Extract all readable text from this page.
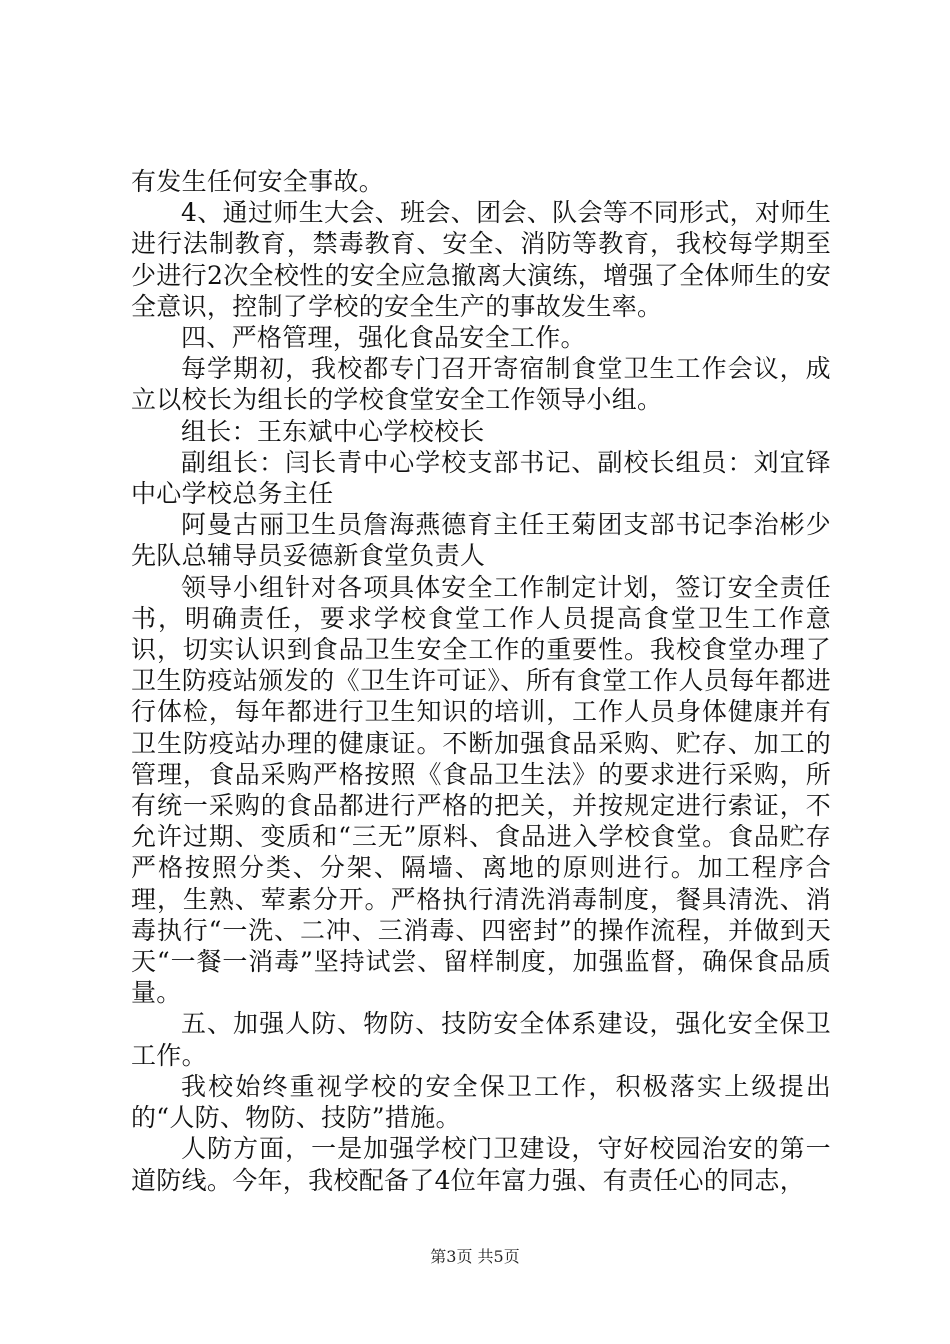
有发生任何安全事故。

4、通过师生大会、班会、团会、队会等不同形式，对师生进行法制教育，禁毒教育、安全、消防等教育，我校每学期至少进行2次全校性的安全应急撤离大演练，增强了全体师生的安全意识，控制了学校的安全生产的事故发生率。

四、严格管理，强化食品安全工作。

每学期初，我校都专门召开寄宿制食堂卫生工作会议，成立以校长为组长的学校食堂安全工作领导小组。

组长：王东斌中心学校校长

副组长：闫长青中心学校支部书记、副校长组员：刘宜铎中心学校总务主任

阿曼古丽卫生员詹海燕德育主任王菊团支部书记李治彬少先队总辅导员妥德新食堂负责人

领导小组针对各项具体安全工作制定计划，签订安全责任书，明确责任，要求学校食堂工作人员提高食堂卫生工作意识，切实认识到食品卫生安全工作的重要性。我校食堂办理了卫生防疫站颁发的《卫生许可证》、所有食堂工作人员每年都进行体检，每年都进行卫生知识的培训，工作人员身体健康并有卫生防疫站办理的健康证。不断加强食品采购、贮存、加工的管理，食品采购严格按照《食品卫生法》的要求进行采购，所有统一采购的食品都进行严格的把关，并按规定进行索证，不允许过期、变质和“三无”原料、食品进入学校食堂。食品贮存严格按照分类、分架、隔墙、离地的原则进行。加工程序合理，生熟、荤素分开。严格执行清洗消毒制度，餐具清洗、消毒执行“一洗、二冲、三消毒、四密封”的操作流程，并做到天天“一餐一消毒”坚持试尝、留样制度，加强监督，确保食品质量。

五、加强人防、物防、技防安全体系建设，强化安全保卫工作。

我校始终重视学校的安全保卫工作，积极落实上级提出的“人防、物防、技防”措施。

人防方面，一是加强学校门卫建设，守好校园治安的第一道防线。今年，我校配备了4位年富力强、有责任心的同志，

第3页 共5页
